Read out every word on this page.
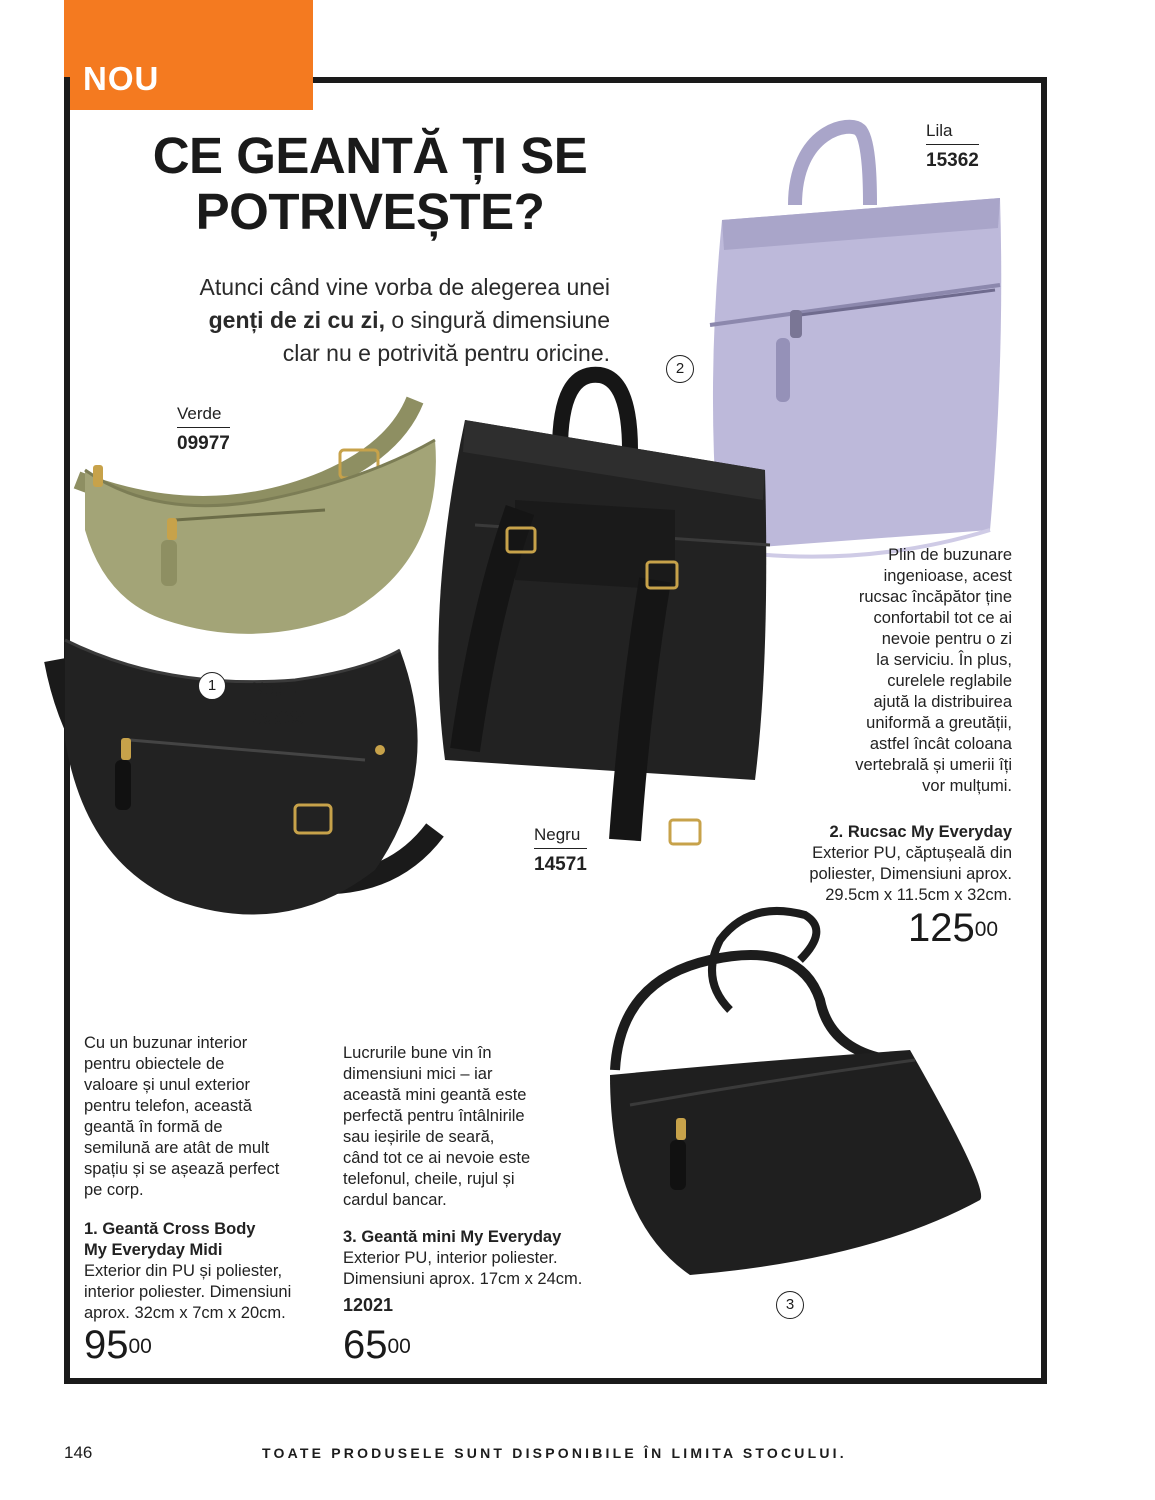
NOU
CE GEANTĂ ȚI SE
POTRIVEȘTE?
Atunci când vine vorba de alegerea unei
genți de zi cu zi, o singură dimensiune
clar nu e potrivită pentru oricine.
Verde
09977
Negru
09969
Lila
15362
Negru
14571
1
2
3
Plin de buzunare
ingenioase, acest
rucsac încăpător ține
confortabil tot ce ai
nevoie pentru o zi
la serviciu. În plus,
curelele reglabile
ajută la distribuirea
uniformă a greutății,
astfel încât coloana
vertebrală și umerii îți
vor mulțumi.
2. Rucsac My Everyday
Exterior PU, căptușeală din
poliester, Dimensiuni aprox.
29.5cm x 11.5cm x 32cm.
$125^{00}$
Cu un buzunar interior
pentru obiectele de
valoare și unul exterior
pentru telefon, această
geantă în formă de
semilună are atât de mult
spațiu și se așează perfect
pe corp.
1. Geantă Cross Body
My Everyday Midi
Exterior din PU și poliester,
interior poliester. Dimensiuni
aprox. 32cm x 7cm x 20cm.
$95^{00}$
Lucrurile bune vin în
dimensiuni mici – iar
această mini geantă este
perfectă pentru întâlnirile
sau ieșirile de seară,
când tot ce ai nevoie este
telefonul, cheile, rujul și
cardul bancar.
3. Geantă mini My Everyday
Exterior PU, interior poliester.
Dimensiuni aprox. 17cm x 24cm.
12021
$65^{00}$
146	TOATE PRODUSELE SUNT DISPONIBILE ÎN LIMITA STOCULUI.
